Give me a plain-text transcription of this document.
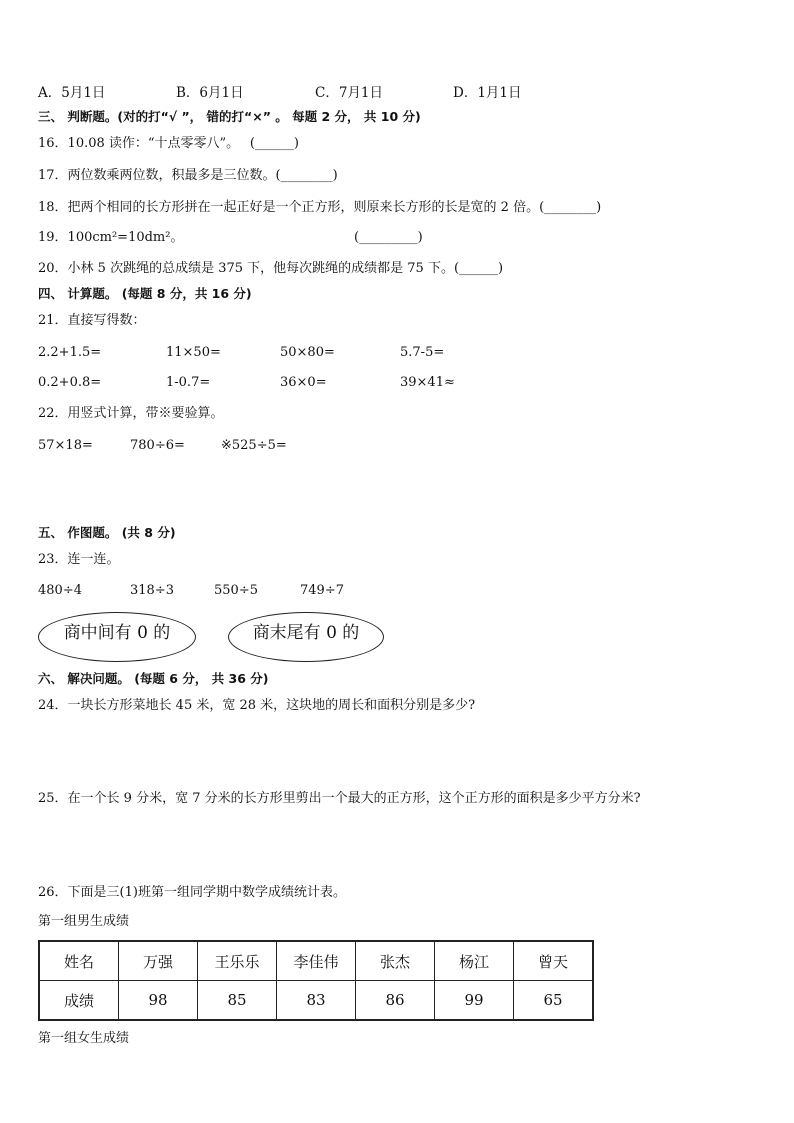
A．5月1日	B．6月1日	C．7月1日	D．1月1日
三、 判断题。(对的打“√ ”， 错的打“×” 。 每题 2 分， 共 10 分)
16．10.08 读作：“十点零零八”。　 (______)
17．两位数乘两位数，积最多是三位数。(________)
18．把两个相同的长方形拼在一起正好是一个正方形，则原来长方形的长是宽的 2 倍。(________)
19．100cm²=10dm²。	(_________)
20．小林 5 次跳绳的总成绩是 375 下，他每次跳绳的成绩都是 75 下。(______)
四、 计算题。 (每题 8 分，共 16 分)
21．直接写得数：
2.2+1.5=	11×50=	50×80=	5.7-5=
0.2+0.8=	1-0.7=	36×0=	39×41≈
22．用竖式计算，带※要验算。
57×18=	780÷6=	※525÷5=
五、 作图题。 (共 8 分)
23．连一连。
480÷4	318÷3	550÷5	749÷7
商中间有 0 的	商末尾有 0 的
六、 解决问题。 (每题 6 分， 共 36 分)
24．一块长方形菜地长 45 米，宽 28 米，这块地的周长和面积分别是多少?
25．在一个长 9 分米，宽 7 分米的长方形里剪出一个最大的正方形，这个正方形的面积是多少平方分米?
26．下面是三(1)班第一组同学期中数学成绩统计表。
第一组男生成绩
姓名	万强	王乐乐	李佳伟	张杰	杨江	曾天
成绩	98	85	83	86	99	65
第一组女生成绩
